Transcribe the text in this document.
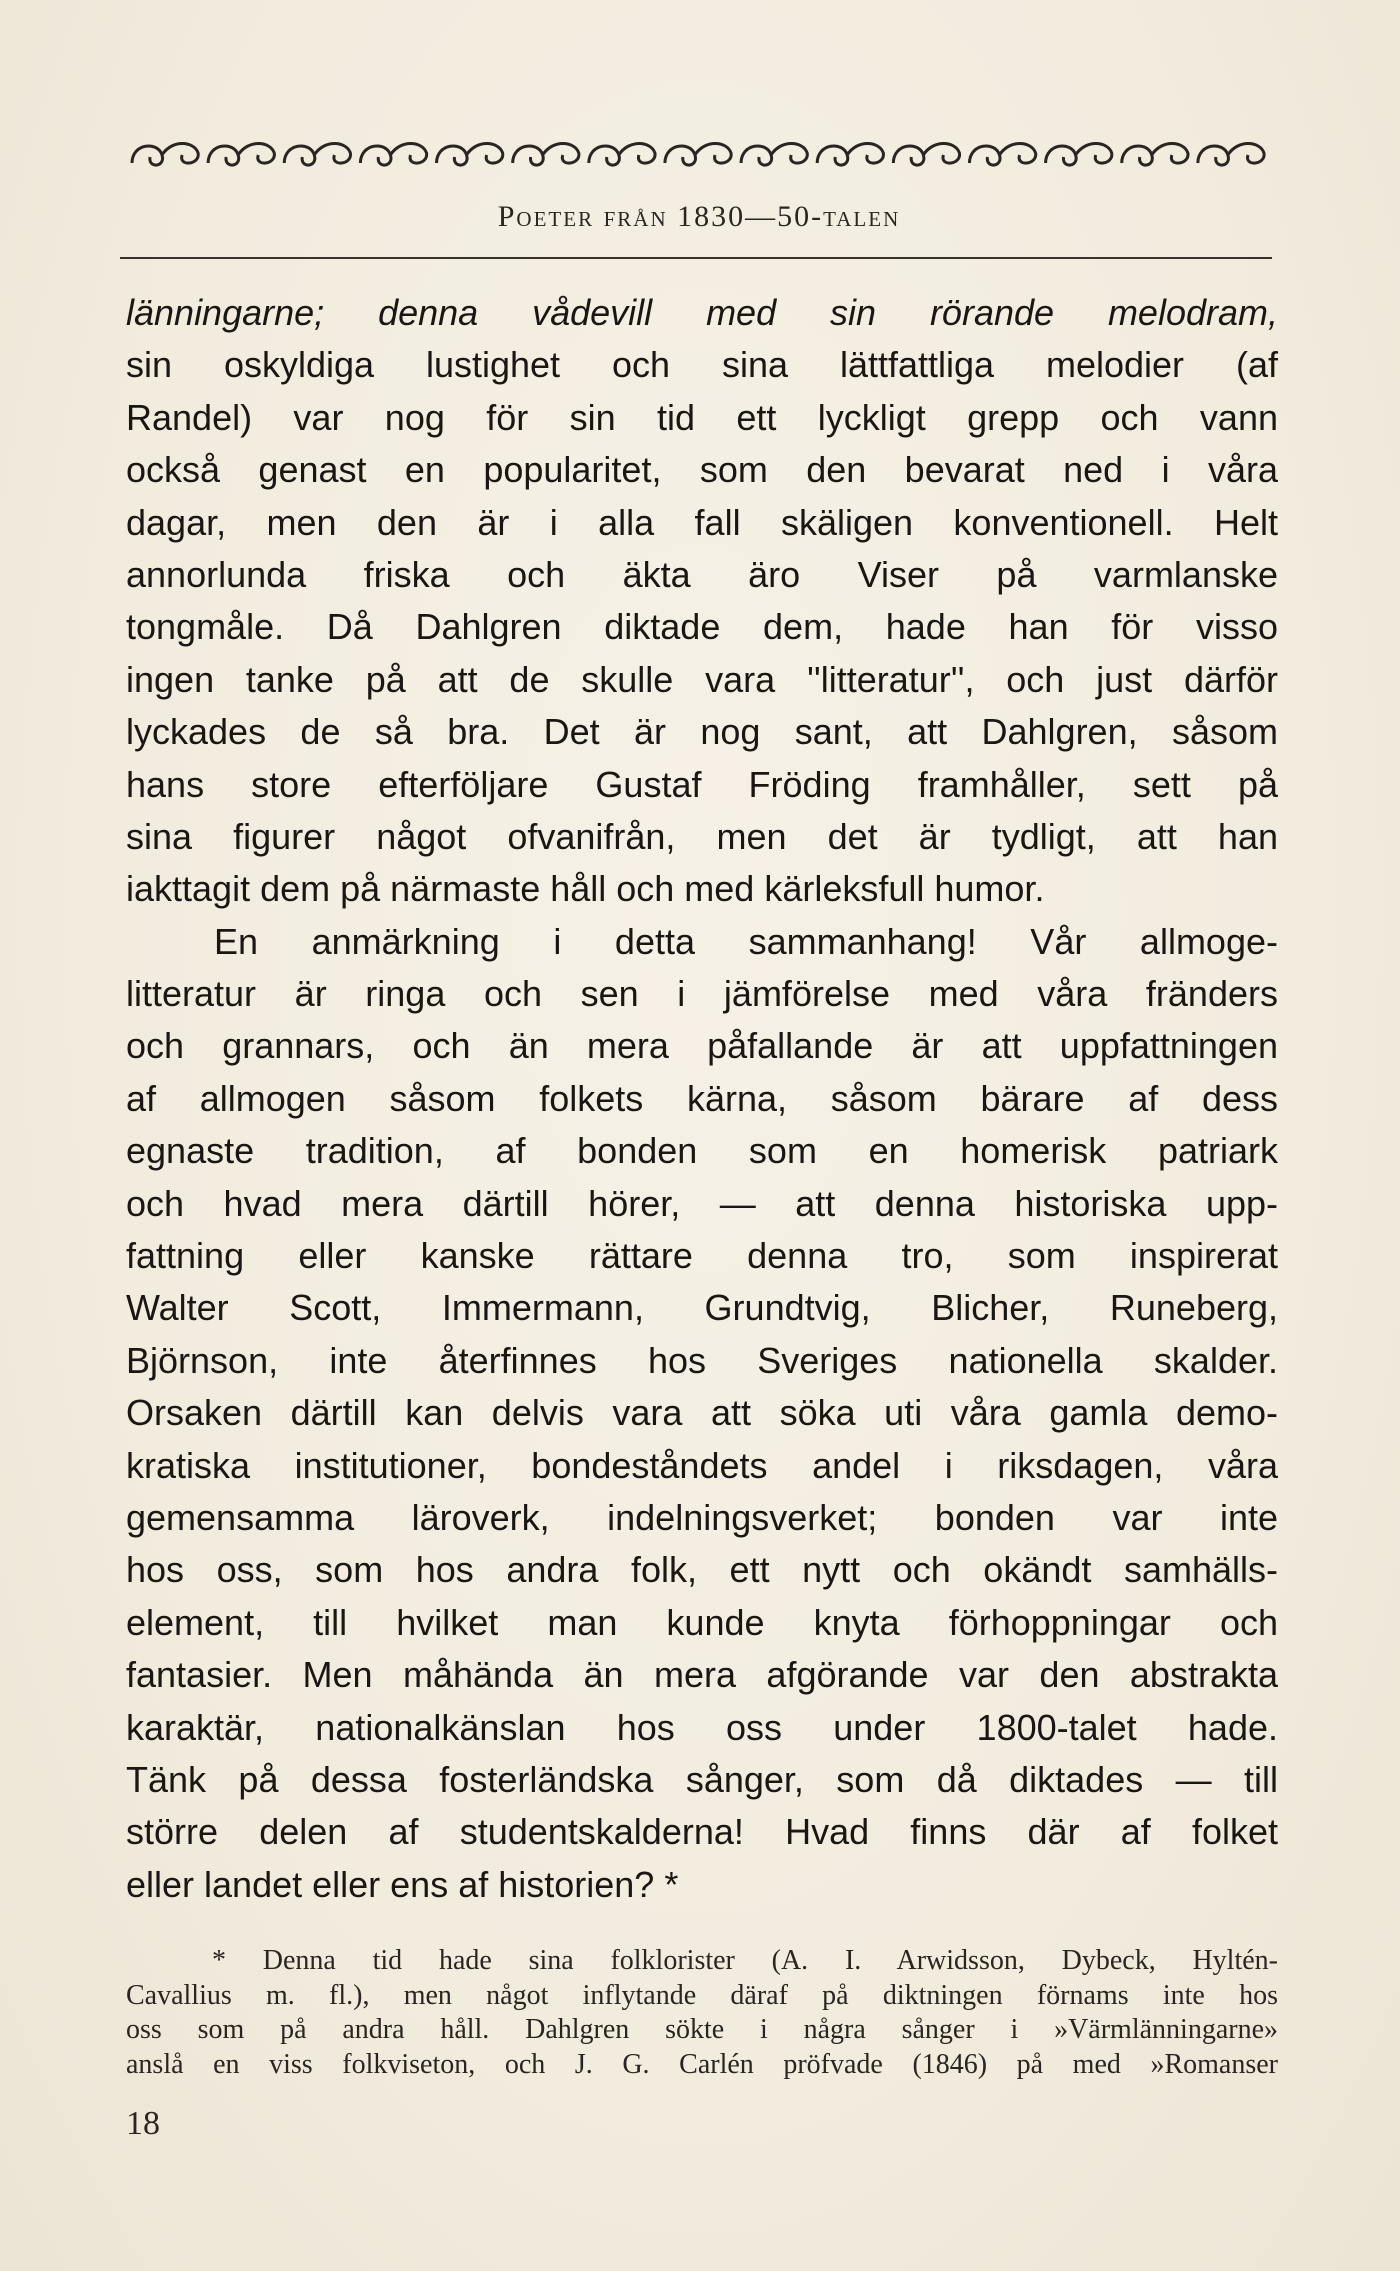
Poeter från 1830—50-talen
länningarne; denna vådevill med sin rörande melodram,
sin oskyldiga lustighet och sina lättfattliga melodier (af
Randel) var nog för sin tid ett lyckligt grepp och vann
också genast en popularitet, som den bevarat ned i våra
dagar, men den är i alla fall skäligen konventionell. Helt
annorlunda friska och äkta äro Viser på varmlanske
tongmåle. Då Dahlgren diktade dem, hade han för visso
ingen tanke på att de skulle vara ''litteratur'', och just därför
lyckades de så bra. Det är nog sant, att Dahlgren, såsom
hans store efterföljare Gustaf Fröding framhåller, sett på
sina figurer något ofvanifrån, men det är tydligt, att han
iakttagit dem på närmaste håll och med kärleksfull humor.
En anmärkning i detta sammanhang! Vår allmoge-
litteratur är ringa och sen i jämförelse med våra fränders
och grannars, och än mera påfallande är att uppfattningen
af allmogen såsom folkets kärna, såsom bärare af dess
egnaste tradition, af bonden som en homerisk patriark
och hvad mera därtill hörer, — att denna historiska upp-
fattning eller kanske rättare denna tro, som inspirerat
Walter Scott, Immermann, Grundtvig, Blicher, Runeberg,
Björnson, inte återfinnes hos Sveriges nationella skalder.
Orsaken därtill kan delvis vara att söka uti våra gamla demo-
kratiska institutioner, bondeståndets andel i riksdagen, våra
gemensamma läroverk, indelningsverket; bonden var inte
hos oss, som hos andra folk, ett nytt och okändt samhälls-
element, till hvilket man kunde knyta förhoppningar och
fantasier. Men måhända än mera afgörande var den abstrakta
karaktär, nationalkänslan hos oss under 1800-talet hade.
Tänk på dessa fosterländska sånger, som då diktades — till
större delen af studentskalderna! Hvad finns där af folket
eller landet eller ens af historien? *
* Denna tid hade sina folklorister (A. I. Arwidsson, Dybeck, Hyltén-
Cavallius m. fl.), men något inflytande däraf på diktningen förnams inte hos
oss som på andra håll. Dahlgren sökte i några sånger i »Värmlänningarne»
anslå en viss folkviseton, och J. G. Carlén pröfvade (1846) på med »Romanser
18
